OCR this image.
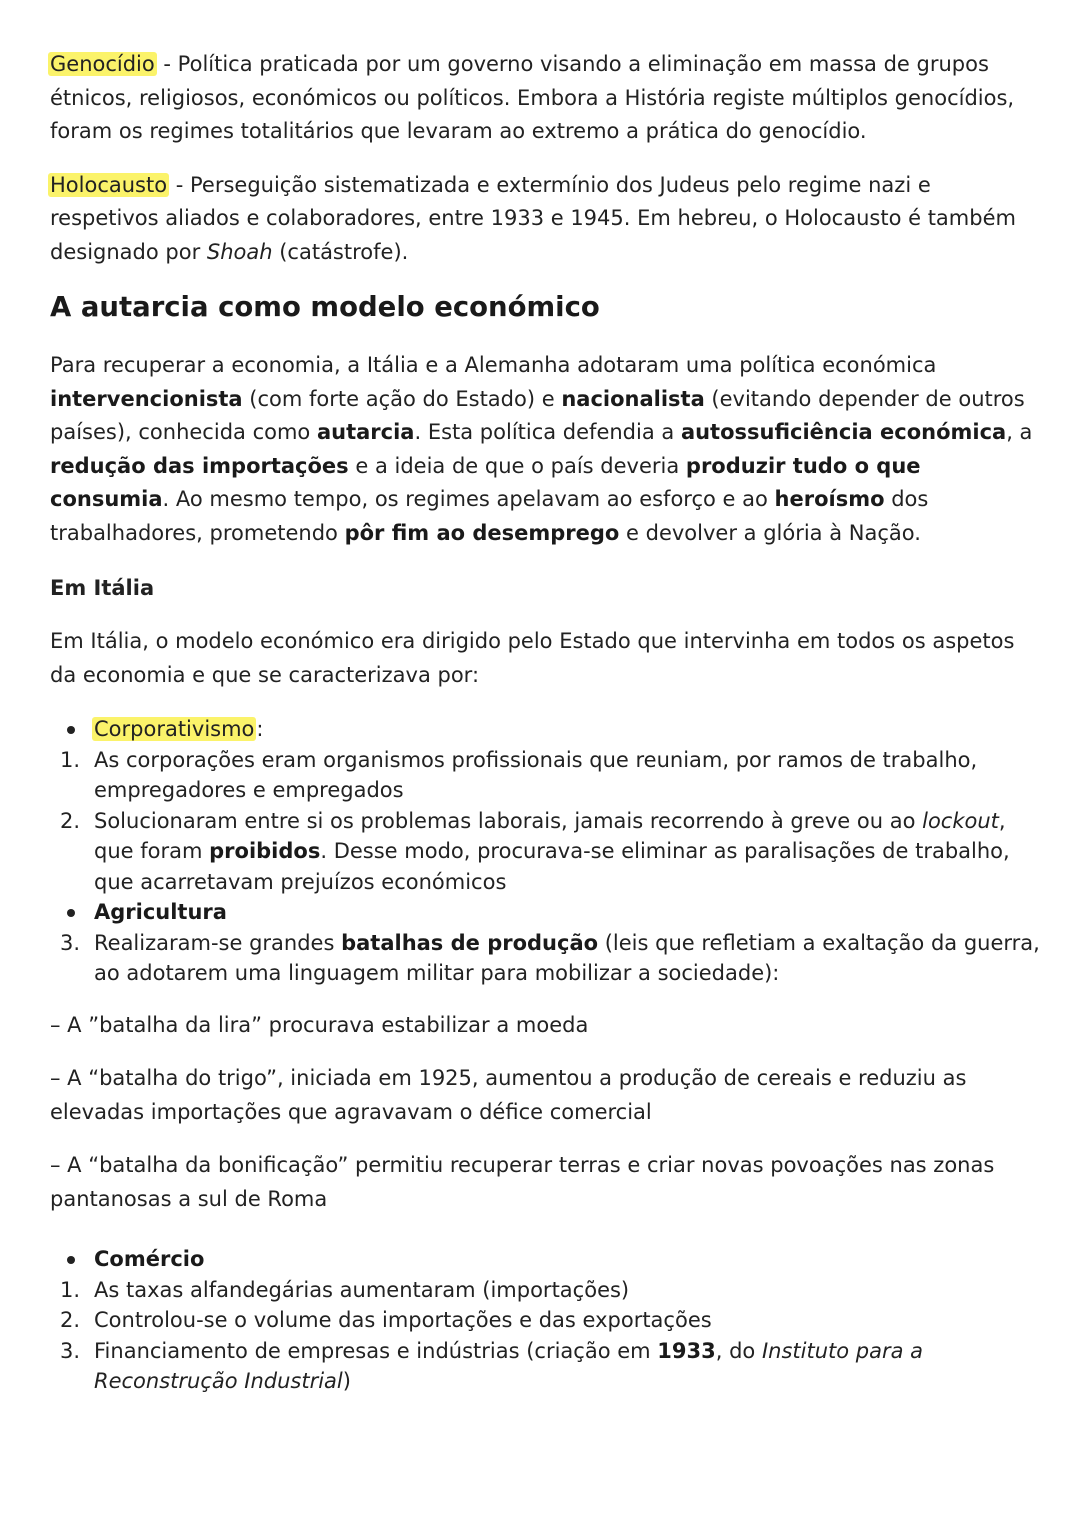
Genocídio - Política praticada por um governo visando a eliminação em massa de grupos étnicos, religiosos, económicos ou políticos. Embora a História registe múltiplos genocídios, foram os regimes totalitários que levaram ao extremo a prática do genocídio.

Holocausto - Perseguição sistematizada e extermínio dos Judeus pelo regime nazi e respetivos aliados e colaboradores, entre 1933 e 1945. Em hebreu, o Holocausto é também designado por Shoah (catástrofe).

A autarcia como modelo económico

Para recuperar a economia, a Itália e a Alemanha adotaram uma política económica intervencionista (com forte ação do Estado) e nacionalista (evitando depender de outros países), conhecida como autarcia. Esta política defendia a autossuficiência económica, a redução das importações e a ideia de que o país deveria produzir tudo o que consumia. Ao mesmo tempo, os regimes apelavam ao esforço e ao heroísmo dos trabalhadores, prometendo pôr fim ao desemprego e devolver a glória à Nação.

Em Itália

Em Itália, o modelo económico era dirigido pelo Estado que intervinha em todos os aspetos da economia e que se caracterizava por:

Corporativismo:
1. As corporações eram organismos profissionais que reuniam, por ramos de trabalho, empregadores e empregados
2. Solucionaram entre si os problemas laborais, jamais recorrendo à greve ou ao lockout, que foram proibidos. Desse modo, procurava-se eliminar as paralisações de trabalho, que acarretavam prejuízos económicos
Agricultura
3. Realizaram-se grandes batalhas de produção (leis que refletiam a exaltação da guerra, ao adotarem uma linguagem militar para mobilizar a sociedade):

– A ”batalha da lira” procurava estabilizar a moeda

– A “batalha do trigo”, iniciada em 1925, aumentou a produção de cereais e reduziu as elevadas importações que agravavam o défice comercial

– A “batalha da bonificação” permitiu recuperar terras e criar novas povoações nas zonas pantanosas a sul de Roma

Comércio
1. As taxas alfandegárias aumentaram (importações)
2. Controlou-se o volume das importações e das exportações
3. Financiamento de empresas e indústrias (criação em 1933, do Instituto para a Reconstrução Industrial)
